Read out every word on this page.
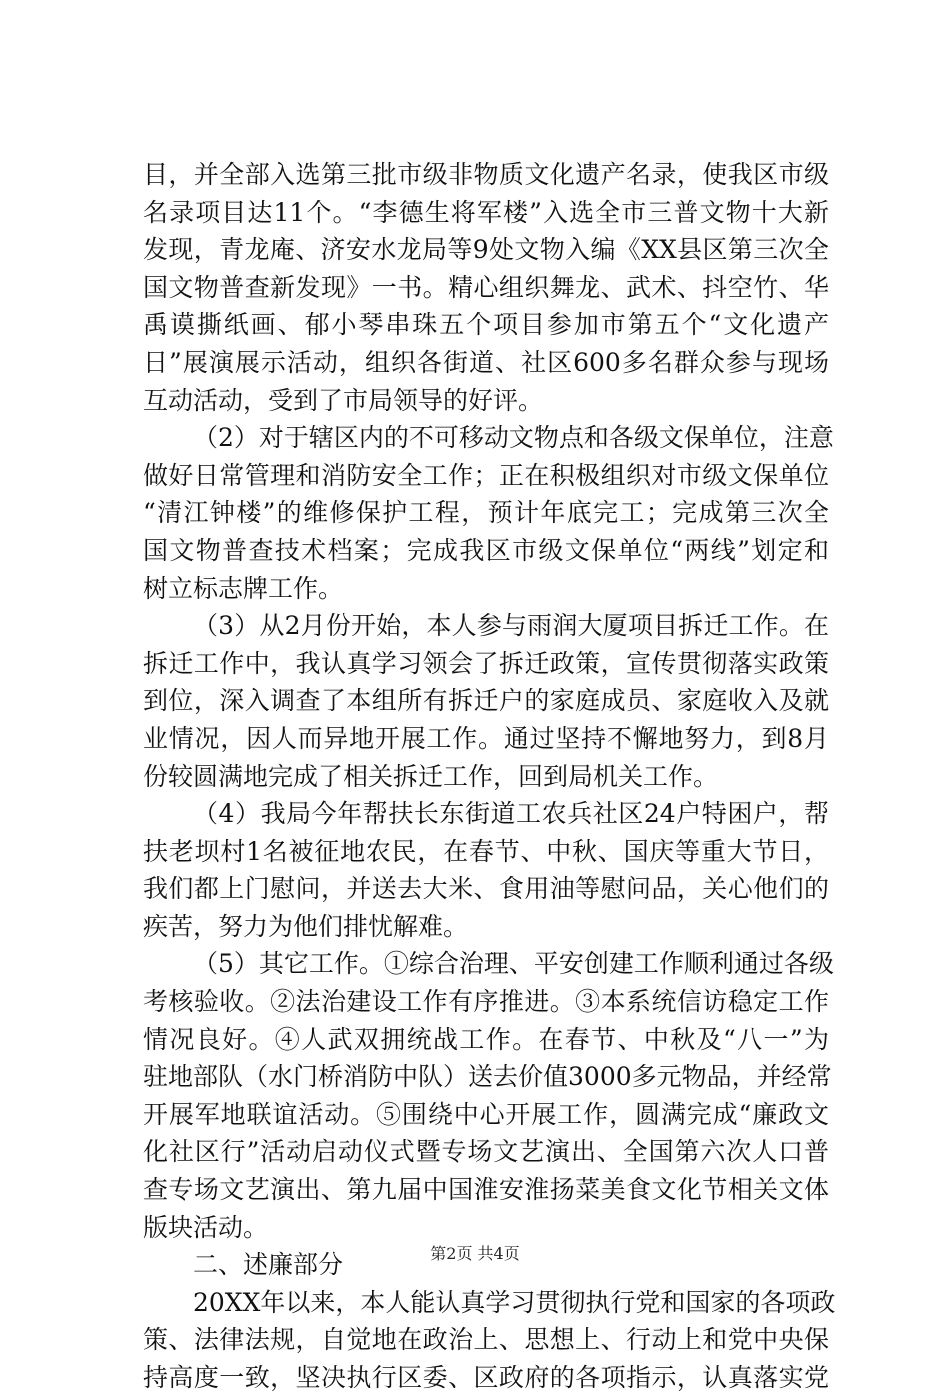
目，并全部入选第三批市级非物质文化遗产名录，使我区市级
名录项目达11个。“李德生将军楼”入选全市三普文物十大新
发现，青龙庵、济安水龙局等9处文物入编《XX县区第三次全
国文物普查新发现》一书。精心组织舞龙、武术、抖空竹、华
禹谟撕纸画、郁小琴串珠五个项目参加市第五个“文化遗产
日”展演展示活动，组织各街道、社区600多名群众参与现场
互动活动，受到了市局领导的好评。
（2）对于辖区内的不可移动文物点和各级文保单位，注意
做好日常管理和消防安全工作；正在积极组织对市级文保单位
“清江钟楼”的维修保护工程，预计年底完工；完成第三次全
国文物普查技术档案；完成我区市级文保单位“两线”划定和
树立标志牌工作。
（3）从2月份开始，本人参与雨润大厦项目拆迁工作。在
拆迁工作中，我认真学习领会了拆迁政策，宣传贯彻落实政策
到位，深入调查了本组所有拆迁户的家庭成员、家庭收入及就
业情况，因人而异地开展工作。通过坚持不懈地努力，到8月
份较圆满地完成了相关拆迁工作，回到局机关工作。
（4）我局今年帮扶长东街道工农兵社区24户特困户，帮
扶老坝村1名被征地农民，在春节、中秋、国庆等重大节日，
我们都上门慰问，并送去大米、食用油等慰问品，关心他们的
疾苦，努力为他们排忧解难。
（5）其它工作。①综合治理、平安创建工作顺利通过各级
考核验收。②法治建设工作有序推进。③本系统信访稳定工作
情况良好。④人武双拥统战工作。在春节、中秋及“八一”为
驻地部队（水门桥消防中队）送去价值3000多元物品，并经常
开展军地联谊活动。⑤围绕中心开展工作，圆满完成“廉政文
化社区行”活动启动仪式暨专场文艺演出、全国第六次人口普
查专场文艺演出、第九届中国淮安淮扬菜美食文化节相关文体
版块活动。
二、述廉部分
20XX年以来，本人能认真学习贯彻执行党和国家的各项政
策、法律法规，自觉地在政治上、思想上、行动上和党中央保
持高度一致，坚决执行区委、区政府的各项指示，认真落实党
第2页 共4页
